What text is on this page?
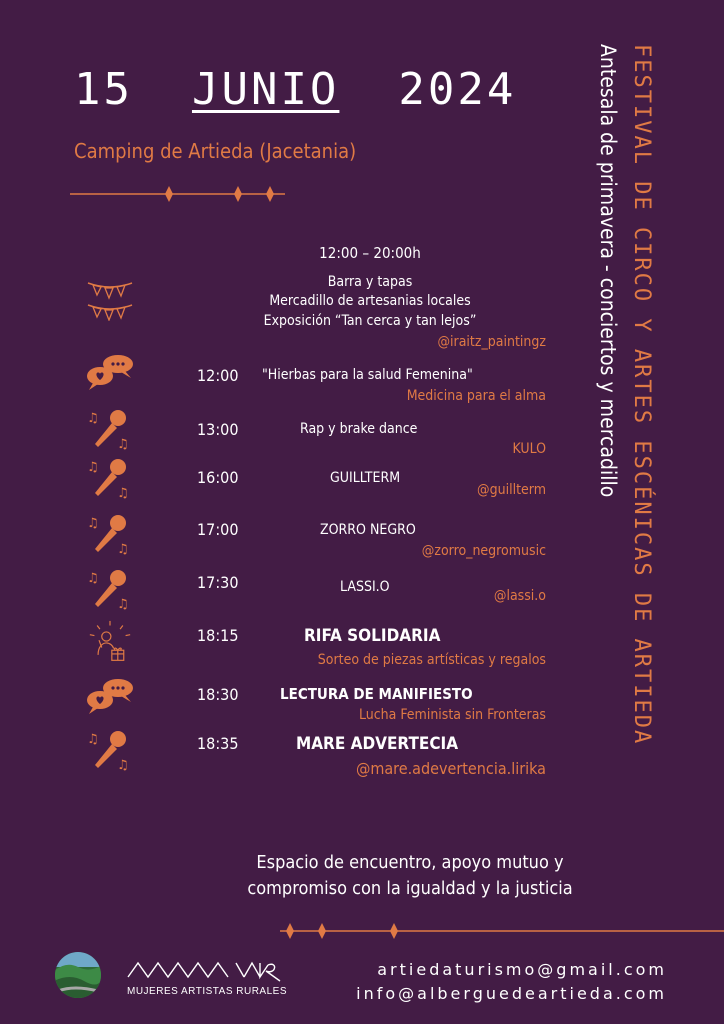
15 JUNIO 2024
Camping de Artieda (Jacetania)	FESTIVAL DE CIRCO Y ARTES ESCÉNICAS DE ARTIEDA
Antesala de primavera - conciertos y mercadillo
12:00 – 20:00h
Barra y tapas
Mercadillo de artesanias locales
Exposición “Tan cerca y tan lejos”
@iraitz_paintingz
12:00 "Hierbas para la salud Femenina"
Medicina para el alma
♫
♫
13:00	Rap y brake dance
KULO
♫
♫
16:00	GUILLTERM
@guillterm
♫
♫
17:00	ZORRO NEGRO
@zorro_negromusic
♫
♫
17:30	LASSI.O
@lassi.o
18:15	RIFA SOLIDARIA
Sorteo de piezas artísticas y regalos
18:30	LECTURA DE MANIFIESTO
Lucha Feminista sin Fronteras
♫
♫
18:35	MARE ADVERTECIA
@mare.adevertencia.lirika
Espacio de encuentro, apoyo mutuo y
compromiso con la igualdad y la justicia
MUJERES ARTISTAS RURALES
artiedaturismo@gmail.com
info@alberguedeartieda.com
